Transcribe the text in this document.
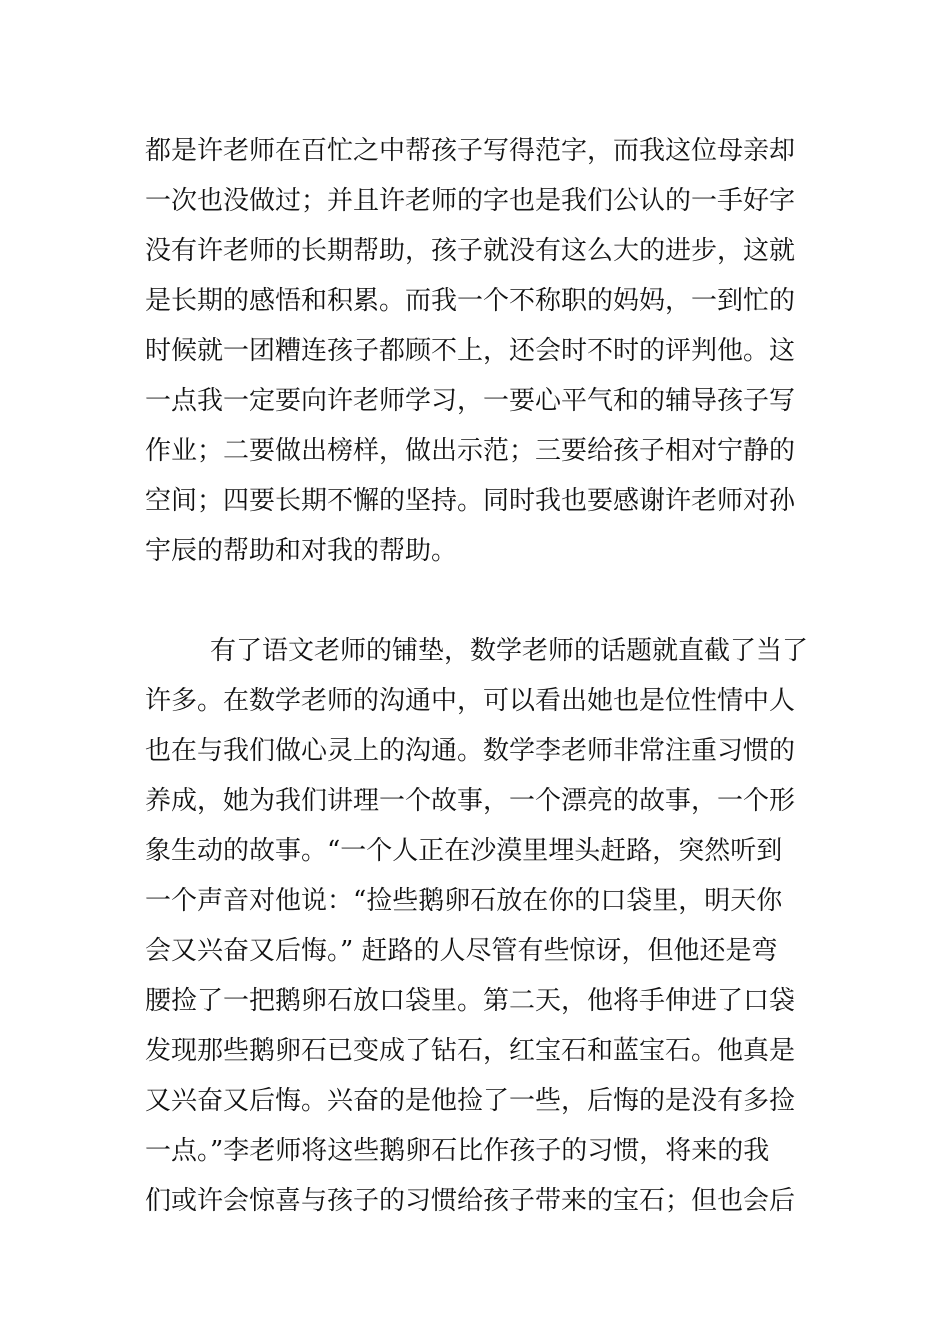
都是许老师在百忙之中帮孩子写得范字，而我这位母亲却
一次也没做过；并且许老师的字也是我们公认的一手好字
没有许老师的长期帮助，孩子就没有这么大的进步，这就
是长期的感悟和积累。而我一个不称职的妈妈，一到忙的
时候就一团糟连孩子都顾不上，还会时不时的评判他。这
一点我一定要向许老师学习，一要心平气和的辅导孩子写
作业；二要做出榜样，做出示范；三要给孩子相对宁静的
空间；四要长期不懈的坚持。同时我也要感谢许老师对孙
宇辰的帮助和对我的帮助。
有了语文老师的铺垫，数学老师的话题就直截了当了
许多。在数学老师的沟通中，可以看出她也是位性情中人
也在与我们做心灵上的沟通。数学李老师非常注重习惯的
养成，她为我们讲理一个故事，一个漂亮的故事，一个形
象生动的故事。“一个人正在沙漠里埋头赶路，突然听到
一个声音对他说：“捡些鹅卵石放在你的口袋里，明天你
会又兴奋又后悔。” 赶路的人尽管有些惊讶，但他还是弯
腰捡了一把鹅卵石放口袋里。第二天，他将手伸进了口袋
发现那些鹅卵石已变成了钻石，红宝石和蓝宝石。他真是
又兴奋又后悔。兴奋的是他捡了一些，后悔的是没有多捡
一点。”李老师将这些鹅卵石比作孩子的习惯，将来的我
们或许会惊喜与孩子的习惯给孩子带来的宝石；但也会后
